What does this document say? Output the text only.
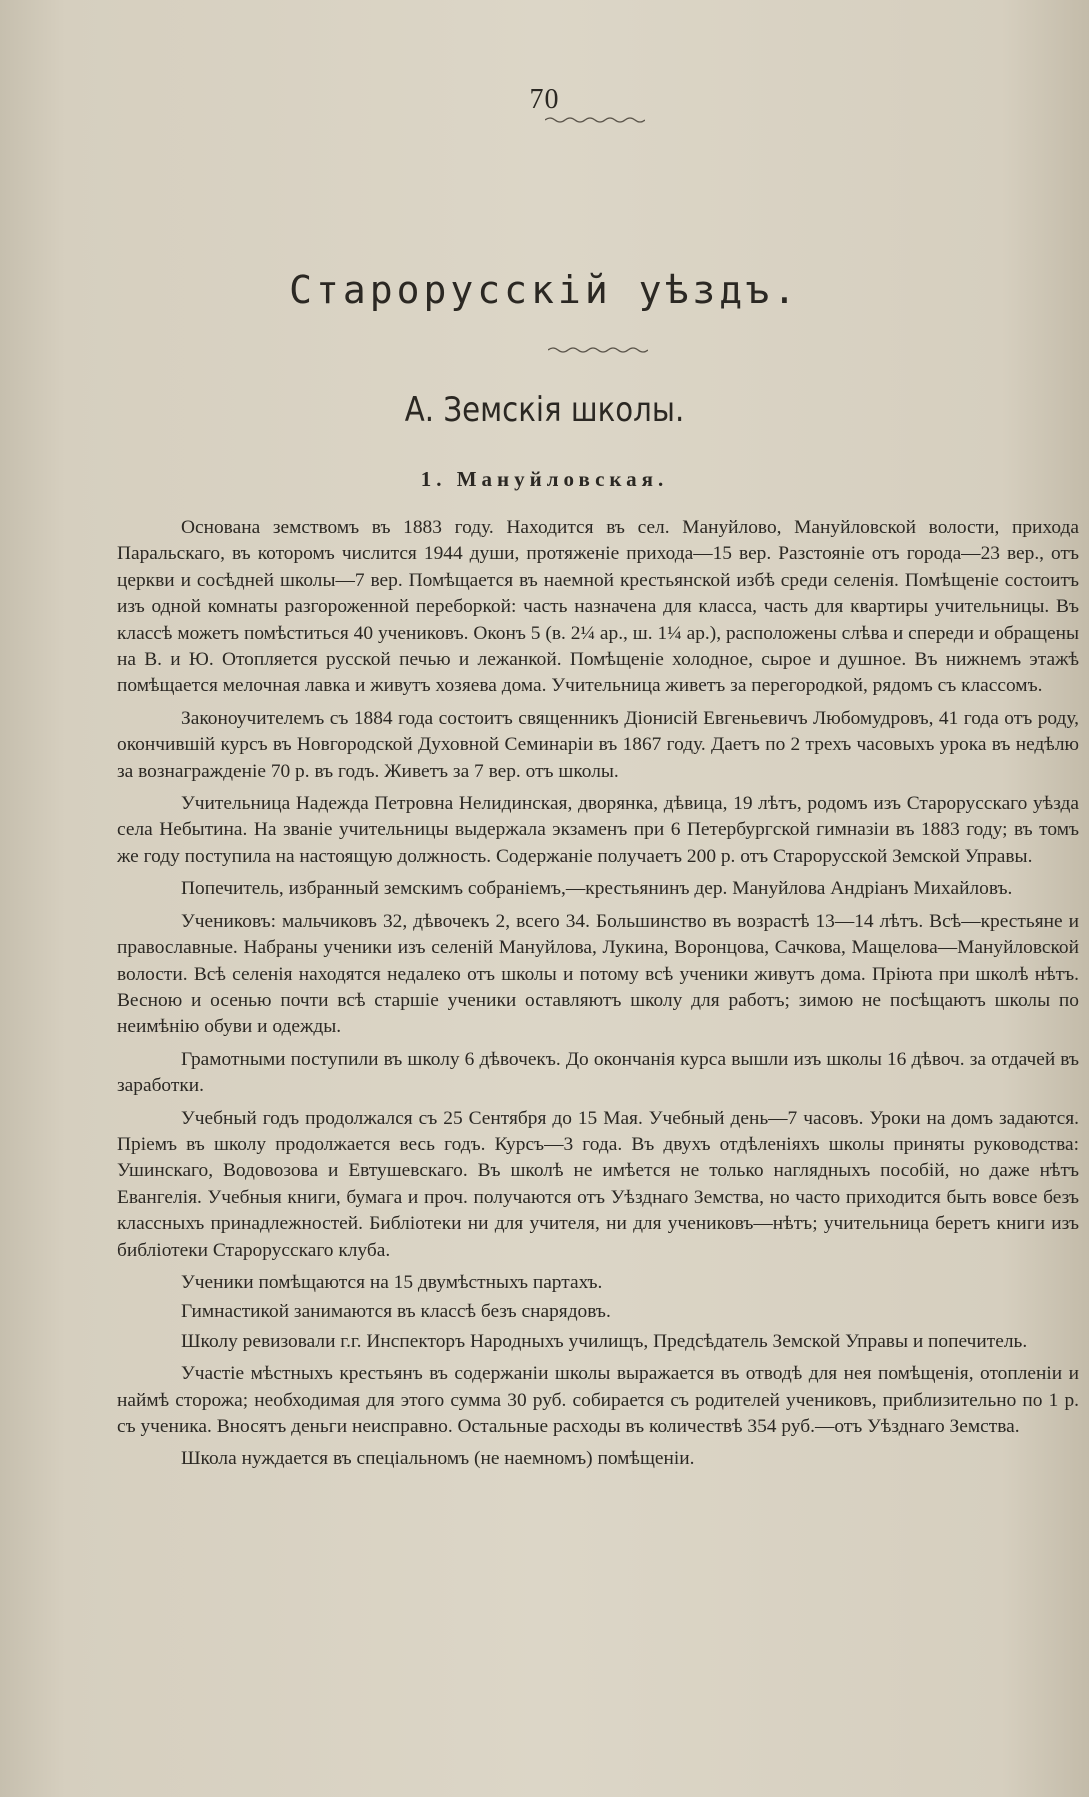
70
Старорусскій уѣздъ.
А. Земскія школы.
1. Мануйловская.

Основана земствомъ въ 1883 году. Находится въ сел. Мануйлово, Мануйловской волости, прихода Паральскаго, въ которомъ числится 1944 души, протяженіе прихода—15 вер. Разстояніе отъ города—23 вер., отъ церкви и сосѣдней школы—7 вер. Помѣщается въ наемной крестьянской избѣ среди селенія. Помѣщеніе состоитъ изъ одной комнаты разгороженной переборкой: часть назначена для класса, часть для квартиры учительницы. Въ классѣ можетъ помѣститься 40 учениковъ. Оконъ 5 (в. 2¼ ар., ш. 1¼ ар.), расположены слѣва и спереди и обращены на В. и Ю. Отопляется русской печью и лежанкой. Помѣщеніе холодное, сырое и душное. Въ нижнемъ этажѣ помѣщается мелочная лавка и живутъ хозяева дома. Учительница живетъ за перегородкой, рядомъ съ классомъ.

Законоучителемъ съ 1884 года состоитъ священникъ Діонисій Евгеньевичъ Любомудровъ, 41 года отъ роду, окончившій курсъ въ Новгородской Духовной Семинаріи въ 1867 году. Даетъ по 2 трехъ часовыхъ урока въ недѣлю за вознагражденіе 70 р. въ годъ. Живетъ за 7 вер. отъ школы.

Учительница Надежда Петровна Нелидинская, дворянка, дѣвица, 19 лѣтъ, родомъ изъ Старорусскаго уѣзда села Небытина. На званіе учительницы выдержала экзаменъ при 6 Петербургской гимназіи въ 1883 году; въ томъ же году поступила на настоящую должность. Содержаніе получаетъ 200 р. отъ Старорусской Земской Управы.

Попечитель, избранный земскимъ собраніемъ,—крестьянинъ дер. Мануйлова Андріанъ Михайловъ.

Учениковъ: мальчиковъ 32, дѣвочекъ 2, всего 34. Большинство въ возрастѣ 13—14 лѣтъ. Всѣ—крестьяне и православные. Набраны ученики изъ селеній Мануйлова, Лукина, Воронцова, Сачкова, Мащелова—Мануйловской волости. Всѣ селенія находятся недалеко отъ школы и потому всѣ ученики живутъ дома. Пріюта при школѣ нѣтъ. Весною и осенью почти всѣ старшіе ученики оставляютъ школу для работъ; зимою не посѣщаютъ школы по неимѣнію обуви и одежды.

Грамотными поступили въ школу 6 дѣвочекъ. До окончанія курса вышли изъ школы 16 дѣвоч. за отдачей въ заработки.

Учебный годъ продолжался съ 25 Сентября до 15 Мая. Учебный день—7 часовъ. Уроки на домъ задаются. Пріемъ въ школу продолжается весь годъ. Курсъ—3 года. Въ двухъ отдѣленіяхъ школы приняты руководства: Ушинскаго, Водовозова и Евтушевскаго. Въ школѣ не имѣется не только наглядныхъ пособій, но даже нѣтъ Евангелія. Учебныя книги, бумага и проч. получаются отъ Уѣзднаго Земства, но часто приходится быть вовсе безъ классныхъ принадлежностей. Библіотеки ни для учителя, ни для учениковъ—нѣтъ; учительница беретъ книги изъ библіотеки Старорусскаго клуба.

Ученики помѣщаются на 15 двумѣстныхъ партахъ.

Гимнастикой занимаются въ классѣ безъ снарядовъ.

Школу ревизовали г.г. Инспекторъ Народныхъ училищъ, Предсѣдатель Земской Управы и попечитель.

Участіе мѣстныхъ крестьянъ въ содержаніи школы выражается въ отводѣ для нея помѣщенія, отопленіи и наймѣ сторожа; необходимая для этого сумма 30 руб. собирается съ родителей учениковъ, приблизительно по 1 р. съ ученика. Вносятъ деньги неисправно. Остальные расходы въ количествѣ 354 руб.—отъ Уѣзднаго Земства.

Школа нуждается въ спеціальномъ (не наемномъ) помѣщеніи.
